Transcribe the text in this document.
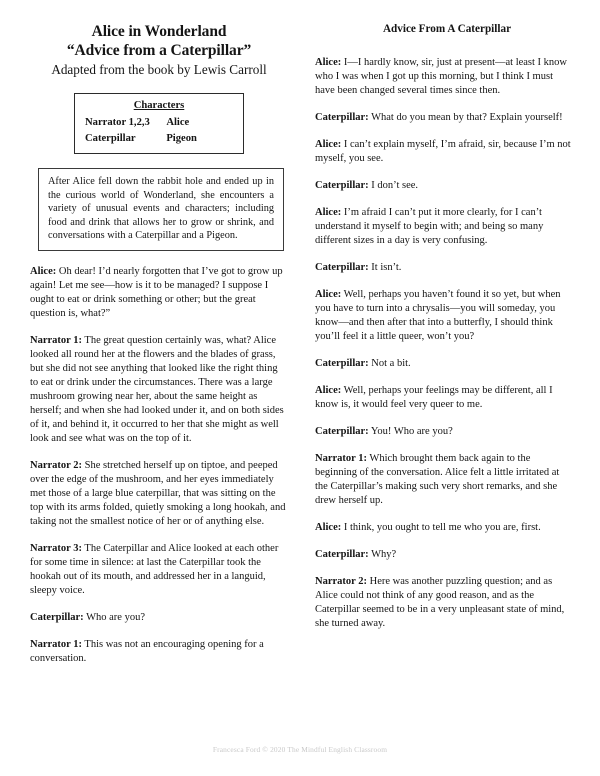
Alice in Wonderland
“Advice from a Caterpillar”
Adapted from the book by Lewis Carroll
Characters
Narrator 1,2,3	Alice
Caterpillar	Pigeon

After Alice fell down the rabbit hole and ended up in the curious world of Wonderland, she encounters a variety of unusual events and characters; including food and drink that allows her to grow or shrink, and conversations with a Caterpillar and a Pigeon.

Alice: Oh dear! I’d nearly forgotten that I’ve got to grow up again! Let me see—how is it to be managed? I suppose I ought to eat or drink something or other; but the great question is, what?”

Narrator 1: The great question certainly was, what? Alice looked all round her at the flowers and the blades of grass, but she did not see anything that looked like the right thing to eat or drink under the circumstances. There was a large mushroom growing near her, about the same height as herself; and when she had looked under it, and on both sides of it, and behind it, it occurred to her that she might as well look and see what was on the top of it.

Narrator 2: She stretched herself up on tiptoe, and peeped over the edge of the mushroom, and her eyes immediately met those of a large blue caterpillar, that was sitting on the top with its arms folded, quietly smoking a long hookah, and taking not the smallest notice of her or of anything else.

Narrator 3: The Caterpillar and Alice looked at each other for some time in silence: at last the Caterpillar took the hookah out of its mouth, and addressed her in a languid, sleepy voice.

Caterpillar: Who are you?

Narrator 1: This was not an encouraging opening for a conversation.

Advice From A Caterpillar

Alice: I—I hardly know, sir, just at present—at least I know who I was when I got up this morning, but I think I must have been changed several times since then.

Caterpillar: What do you mean by that? Explain yourself!

Alice: I can’t explain myself, I’m afraid, sir, because I’m not myself, you see.

Caterpillar: I don’t see.

Alice: I’m afraid I can’t put it more clearly, for I can’t understand it myself to begin with; and being so many different sizes in a day is very confusing.

Caterpillar: It isn’t.

Alice: Well, perhaps you haven’t found it so yet, but when you have to turn into a chrysalis—you will someday, you know—and then after that into a butterfly, I should think you’ll feel it a little queer, won’t you?

Caterpillar: Not a bit.

Alice: Well, perhaps your feelings may be different, all I know is, it would feel very queer to me.

Caterpillar: You! Who are you?

Narrator 1: Which brought them back again to the beginning of the conversation. Alice felt a little irritated at the Caterpillar’s making such very short remarks, and she drew herself up.

Alice: I think, you ought to tell me who you are, first.

Caterpillar: Why?

Narrator 2: Here was another puzzling question; and as Alice could not think of any good reason, and as the Caterpillar seemed to be in a very unpleasant state of mind, she turned away.

Francesca Ford © 2020 The Mindful English Classroom
